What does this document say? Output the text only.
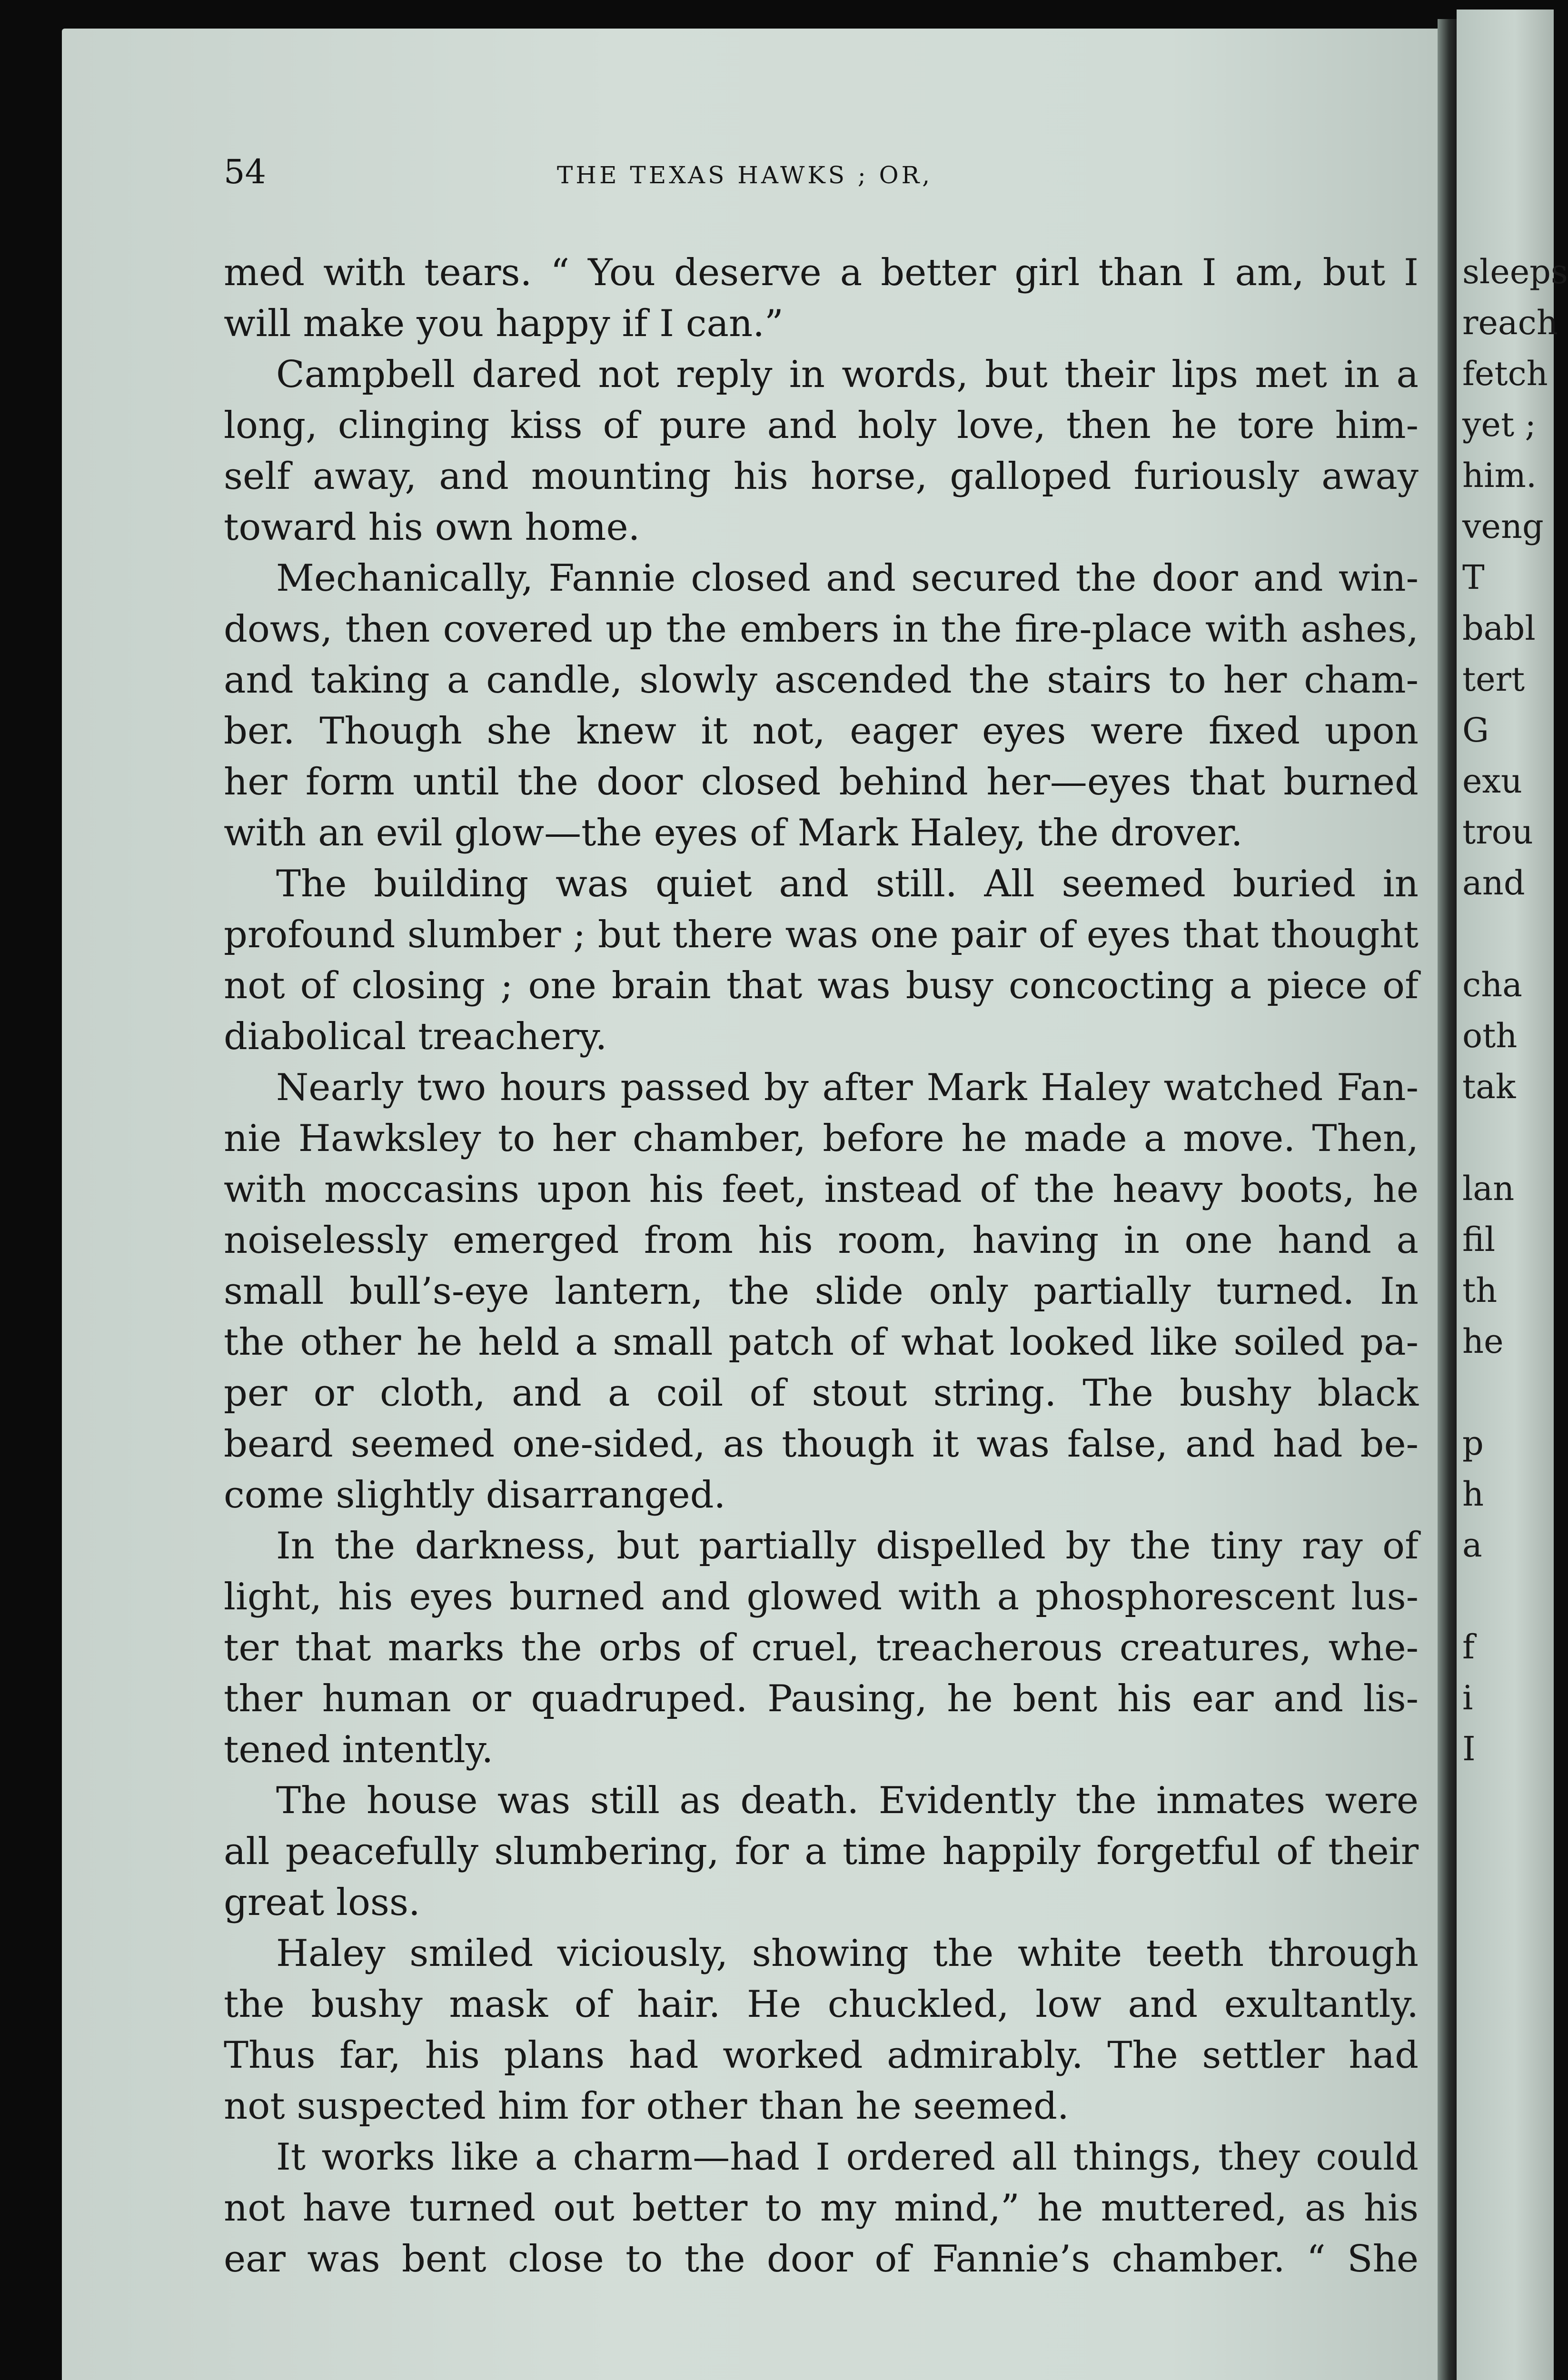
sleeps
reach
fetch
yet ;
him.
veng
T
babl
tert
G
exu
trou
and
cha
oth
tak
lan
fil
th
he
p
h
a
f
i
I
54	THE TEXAS HAWKS ; OR,
med with tears. “ You deserve a better girl than I am, but I
will make you happy if I can.”
Campbell dared not reply in words, but their lips met in a
long, clinging kiss of pure and holy love, then he tore him-
self away, and mounting his horse, galloped furiously away
toward his own home.
Mechanically, Fannie closed and secured the door and win-
dows, then covered up the embers in the fire-place with ashes,
and taking a candle, slowly ascended the stairs to her cham-
ber. Though she knew it not, eager eyes were fixed upon
her form until the door closed behind her—eyes that burned
with an evil glow—the eyes of Mark Haley, the drover.
The building was quiet and still. All seemed buried in
profound slumber ; but there was one pair of eyes that thought
not of closing ; one brain that was busy concocting a piece of
diabolical treachery.
Nearly two hours passed by after Mark Haley watched Fan-
nie Hawksley to her chamber, before he made a move. Then,
with moccasins upon his feet, instead of the heavy boots, he
noiselessly emerged from his room, having in one hand a
small bull’s-eye lantern, the slide only partially turned. In
the other he held a small patch of what looked like soiled pa-
per or cloth, and a coil of stout string. The bushy black
beard seemed one-sided, as though it was false, and had be-
come slightly disarranged.
In the darkness, but partially dispelled by the tiny ray of
light, his eyes burned and glowed with a phosphorescent lus-
ter that marks the orbs of cruel, treacherous creatures, whe-
ther human or quadruped. Pausing, he bent his ear and lis-
tened intently.
The house was still as death. Evidently the inmates were
all peacefully slumbering, for a time happily forgetful of their
great loss.
Haley smiled viciously, showing the white teeth through
the bushy mask of hair. He chuckled, low and exultantly.
Thus far, his plans had worked admirably. The settler had
not suspected him for other than he seemed.
It works like a charm—had I ordered all things, they could
not have turned out better to my mind,” he muttered, as his
ear was bent close to the door of Fannie’s chamber. “ She
